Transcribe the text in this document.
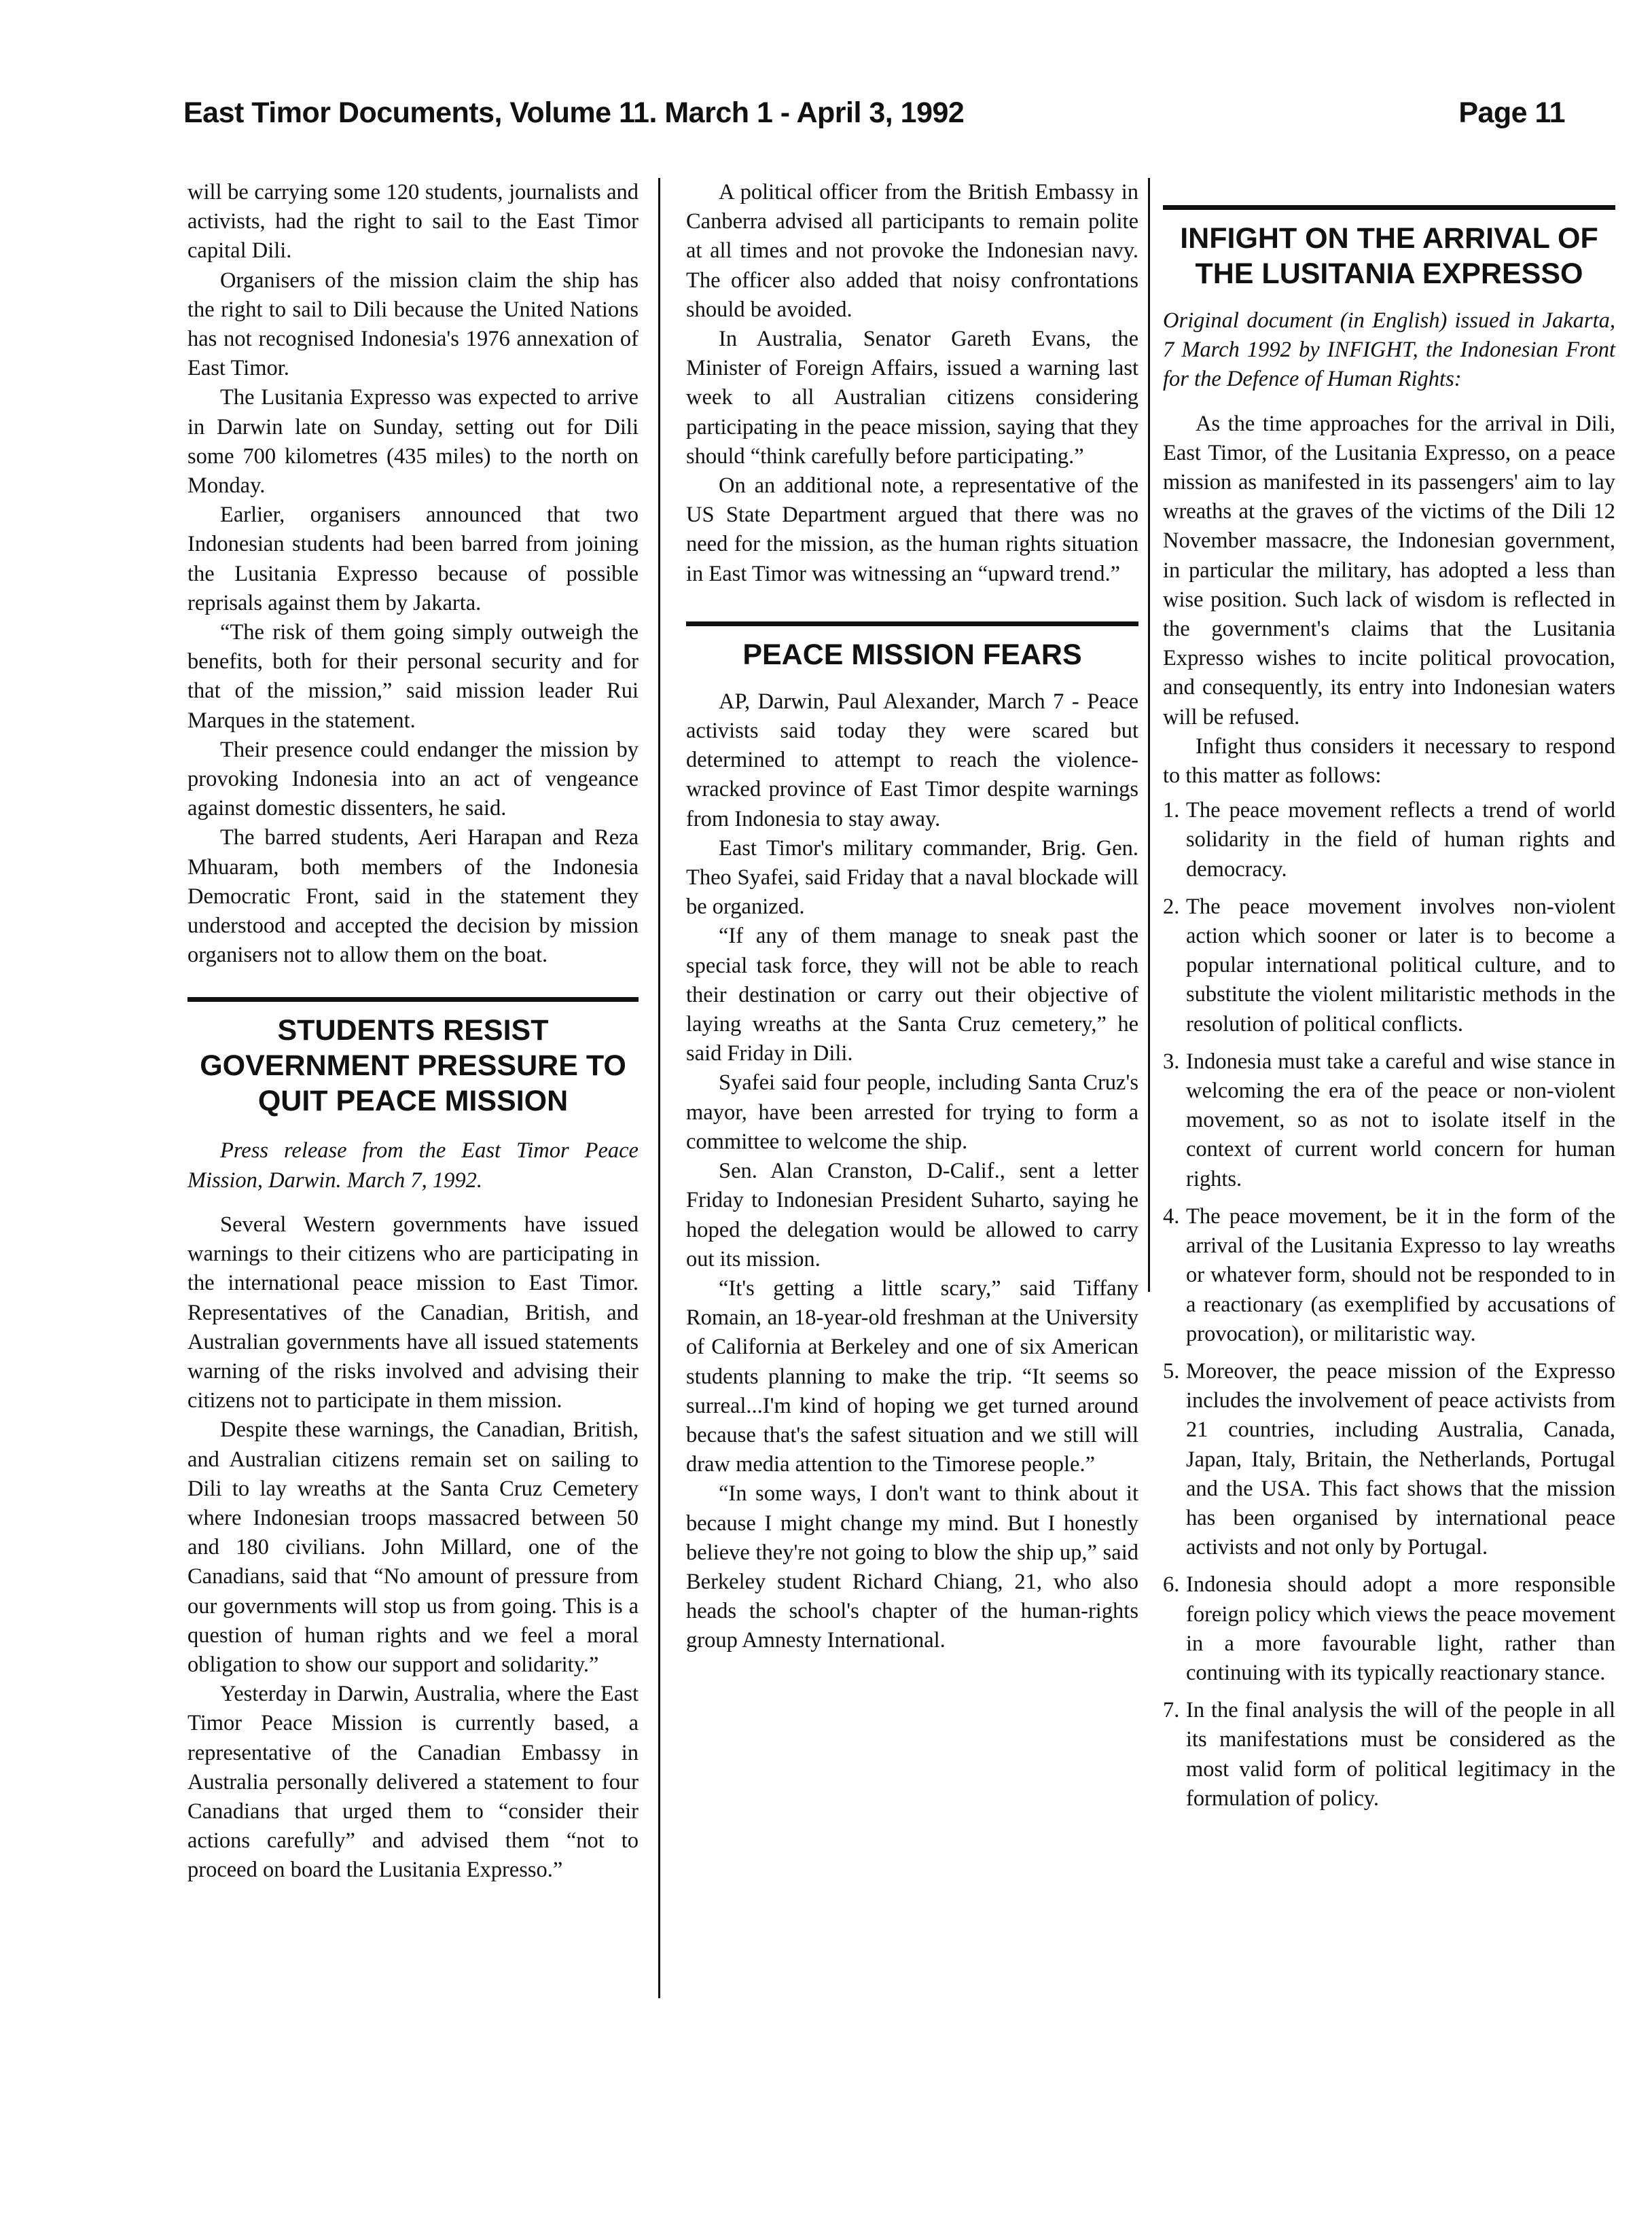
East Timor Documents, Volume 11. March 1 - April 3, 1992	Page 11

will be carrying some 120 students, journalists and activists, had the right to sail to the East Timor capital Dili.

Organisers of the mission claim the ship has the right to sail to Dili because the United Nations has not recognised Indonesia's 1976 annexation of East Timor.

The Lusitania Expresso was expected to arrive in Darwin late on Sunday, setting out for Dili some 700 kilometres (435 miles) to the north on Monday.

Earlier, organisers announced that two Indonesian students had been barred from joining the Lusitania Expresso because of possible reprisals against them by Jakarta.

“The risk of them going simply outweigh the benefits, both for their personal security and for that of the mission,” said mission leader Rui Marques in the statement.

Their presence could endanger the mission by provoking Indonesia into an act of vengeance against domestic dissenters, he said.

The barred students, Aeri Harapan and Reza Mhuaram, both members of the Indonesia Democratic Front, said in the statement they understood and accepted the decision by mission organisers not to allow them on the boat.

STUDENTS RESIST GOVERNMENT PRESSURE TO QUIT PEACE MISSION

Press release from the East Timor Peace Mission, Darwin. March 7, 1992.

Several Western governments have issued warnings to their citizens who are participating in the international peace mission to East Timor. Representatives of the Canadian, British, and Australian governments have all issued statements warning of the risks involved and advising their citizens not to participate in them mission.

Despite these warnings, the Canadian, British, and Australian citizens remain set on sailing to Dili to lay wreaths at the Santa Cruz Cemetery where Indonesian troops massacred between 50 and 180 civilians. John Millard, one of the Canadians, said that “No amount of pressure from our governments will stop us from going. This is a question of human rights and we feel a moral obligation to show our support and solidarity.”

Yesterday in Darwin, Australia, where the East Timor Peace Mission is currently based, a representative of the Canadian Embassy in Australia personally delivered a statement to four Canadians that urged them to “consider their actions carefully” and advised them “not to proceed on board the Lusitania Expresso.”

A political officer from the British Embassy in Canberra advised all participants to remain polite at all times and not provoke the Indonesian navy. The officer also added that noisy confrontations should be avoided.

In Australia, Senator Gareth Evans, the Minister of Foreign Affairs, issued a warning last week to all Australian citizens considering participating in the peace mission, saying that they should “think carefully before participating.”

On an additional note, a representative of the US State Department argued that there was no need for the mission, as the human rights situation in East Timor was witnessing an “upward trend.”

PEACE MISSION FEARS

AP, Darwin, Paul Alexander, March 7 - Peace activists said today they were scared but determined to attempt to reach the violence-wracked province of East Timor despite warnings from Indonesia to stay away.

East Timor's military commander, Brig. Gen. Theo Syafei, said Friday that a naval blockade will be organized.

“If any of them manage to sneak past the special task force, they will not be able to reach their destination or carry out their objective of laying wreaths at the Santa Cruz cemetery,” he said Friday in Dili.

Syafei said four people, including Santa Cruz's mayor, have been arrested for trying to form a committee to welcome the ship.

Sen. Alan Cranston, D-Calif., sent a letter Friday to Indonesian President Suharto, saying he hoped the delegation would be allowed to carry out its mission.

“It's getting a little scary,” said Tiffany Romain, an 18-year-old freshman at the University of California at Berkeley and one of six American students planning to make the trip. “It seems so surreal...I'm kind of hoping we get turned around because that's the safest situation and we still will draw media attention to the Timorese people.”

“In some ways, I don't want to think about it because I might change my mind. But I honestly believe they're not going to blow the ship up,” said Berkeley student Richard Chiang, 21, who also heads the school's chapter of the human-rights group Amnesty International.

INFIGHT ON THE ARRIVAL OF THE LUSITANIA EXPRESSO

Original document (in English) issued in Jakarta, 7 March 1992 by INFIGHT, the Indonesian Front for the Defence of Human Rights:

As the time approaches for the arrival in Dili, East Timor, of the Lusitania Expresso, on a peace mission as manifested in its passengers' aim to lay wreaths at the graves of the victims of the Dili 12 November massacre, the Indonesian government, in particular the military, has adopted a less than wise position. Such lack of wisdom is reflected in the government's claims that the Lusitania Expresso wishes to incite political provocation, and consequently, its entry into Indonesian waters will be refused.

Infight thus considers it necessary to respond to this matter as follows:

1. The peace movement reflects a trend of world solidarity in the field of human rights and democracy.
2. The peace movement involves non-violent action which sooner or later is to become a popular international political culture, and to substitute the violent militaristic methods in the resolution of political conflicts.
3. Indonesia must take a careful and wise stance in welcoming the era of the peace or non-violent movement, so as not to isolate itself in the context of current world concern for human rights.
4. The peace movement, be it in the form of the arrival of the Lusitania Expresso to lay wreaths or whatever form, should not be responded to in a reactionary (as exemplified by accusations of provocation), or militaristic way.
5. Moreover, the peace mission of the Expresso includes the involvement of peace activists from 21 countries, including Australia, Canada, Japan, Italy, Britain, the Netherlands, Portugal and the USA. This fact shows that the mission has been organised by international peace activists and not only by Portugal.
6. Indonesia should adopt a more responsible foreign policy which views the peace movement in a more favourable light, rather than continuing with its typically reactionary stance.
7. In the final analysis the will of the people in all its manifestations must be considered as the most valid form of political legitimacy in the formulation of policy.
